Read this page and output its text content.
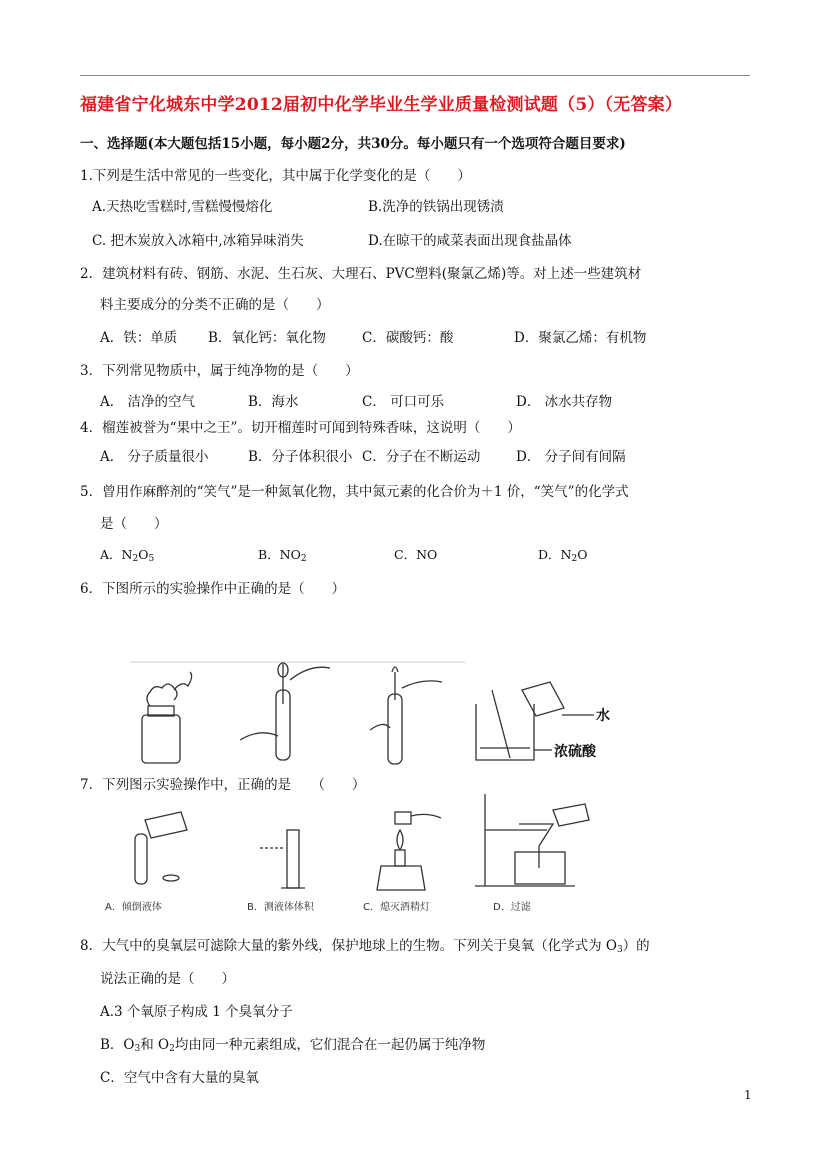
福建省宁化城东中学2012届初中化学毕业生学业质量检测试题（5）（无答案）
一、选择题(本大题包括15小题，每小题2分，共30分。每小题只有一个选项符合题目要求)
1.下列是生活中常见的一些变化，其中属于化学变化的是（　　）
A.天热吃雪糕时,雪糕慢慢熔化	B.洗净的铁锅出现锈渍
C. 把木炭放入冰箱中,冰箱异味消失	D.在晾干的咸菜表面出现食盐晶体
2．建筑材料有砖、钢筋、水泥、生石灰、大理石、PVC塑料(聚氯乙烯)等。对上述一些建筑材
料主要成分的分类不正确的是（　　）
A．铁：单质 B．氧化钙：氧化物	C．碳酸钙：酸	D．聚氯乙烯：有机物
3．下列常见物质中，属于纯净物的是（　　）
A． 洁净的空气	B．海水	C． 可口可乐	D． 冰水共存物
4．榴莲被誉为“果中之王”。切开榴莲时可闻到特殊香味，这说明（　　）
A． 分子质量很小	B．分子体积很小 C．分子在不断运动	D． 分子间有间隔
5．曾用作麻醉剂的“笑气”是一种氮氧化物，其中氮元素的化合价为＋1 价，“笑气”的化学式
是（　　）
A．$N_2O_5$	B．$NO_2$	C．NO	D．$N_2O$
6．下图所示的实验操作中正确的是（　　）
水
浓硫酸
7．下列图示实验操作中，正确的是　　（　　）
A．倾倒液体	B．测液体体积	C．熄灭酒精灯	D．过滤
8．大气中的臭氧层可滤除大量的紫外线，保护地球上的生物。下列关于臭氧（化学式为 $O_3$）的
说法正确的是（　　）
A.3 个氧原子构成 1 个臭氧分子
B．$O_3$和 $O_2$均由同一种元素组成，它们混合在一起仍属于纯净物
C．空气中含有大量的臭氧
1
